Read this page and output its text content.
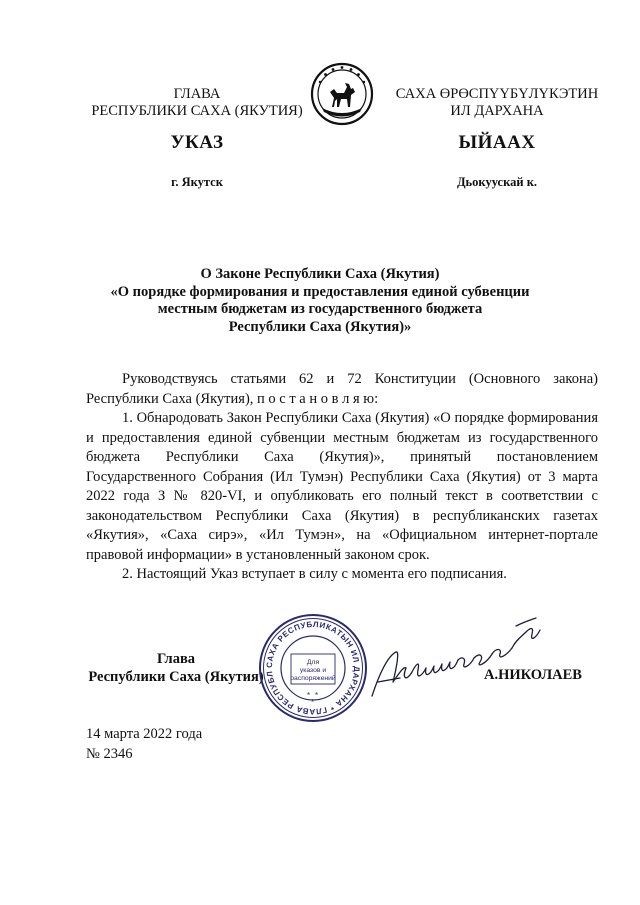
ГЛАВА
РЕСПУБЛИКИ САХА (ЯКУТИЯ)
САХА ӨРӨСПҮҮБҮЛҮКЭТИН
ИЛ ДАРХАНА
УКАЗ	ЫЙААХ
г. Якутск	Дьокуускай к.
О Законе Республики Саха (Якутия)
«О порядке формирования и предоставления единой субвенции
местным бюджетам из государственного бюджета
Республики Саха (Якутия)»

Руководствуясь статьями 62 и 72 Конституции (Основного закона) Республики Саха (Якутия), п о с т а н о в л я ю:

1. Обнародовать Закон Республики Саха (Якутия) «О порядке формирования и предоставления единой субвенции местным бюджетам из государственного бюджета Республики Саха (Якутия)», принятый постановлением Государственного Собрания (Ил Тумэн) Республики Саха (Якутия) от 3 марта 2022 года З № 820-VI, и опубликовать его полный текст в соответствии с законодательством Республики Саха (Якутия) в республиканских газетах «Якутия», «Саха сирэ», «Ил Тумэн», на «Официальном интернет-портале правовой информации» в установленный законом срок.

2. Настоящий Указ вступает в силу с момента его подписания.

Глава
Республики Саха (Якутия)
САХА РЕСПУБЛИКАТЫН ИЛ ДАРХАНА * ГЛАВА РЕСПУБЛ
Для
указов и
распоряжений
* *
*
А.НИКОЛАЕВ
14 марта 2022 года
№ 2346
